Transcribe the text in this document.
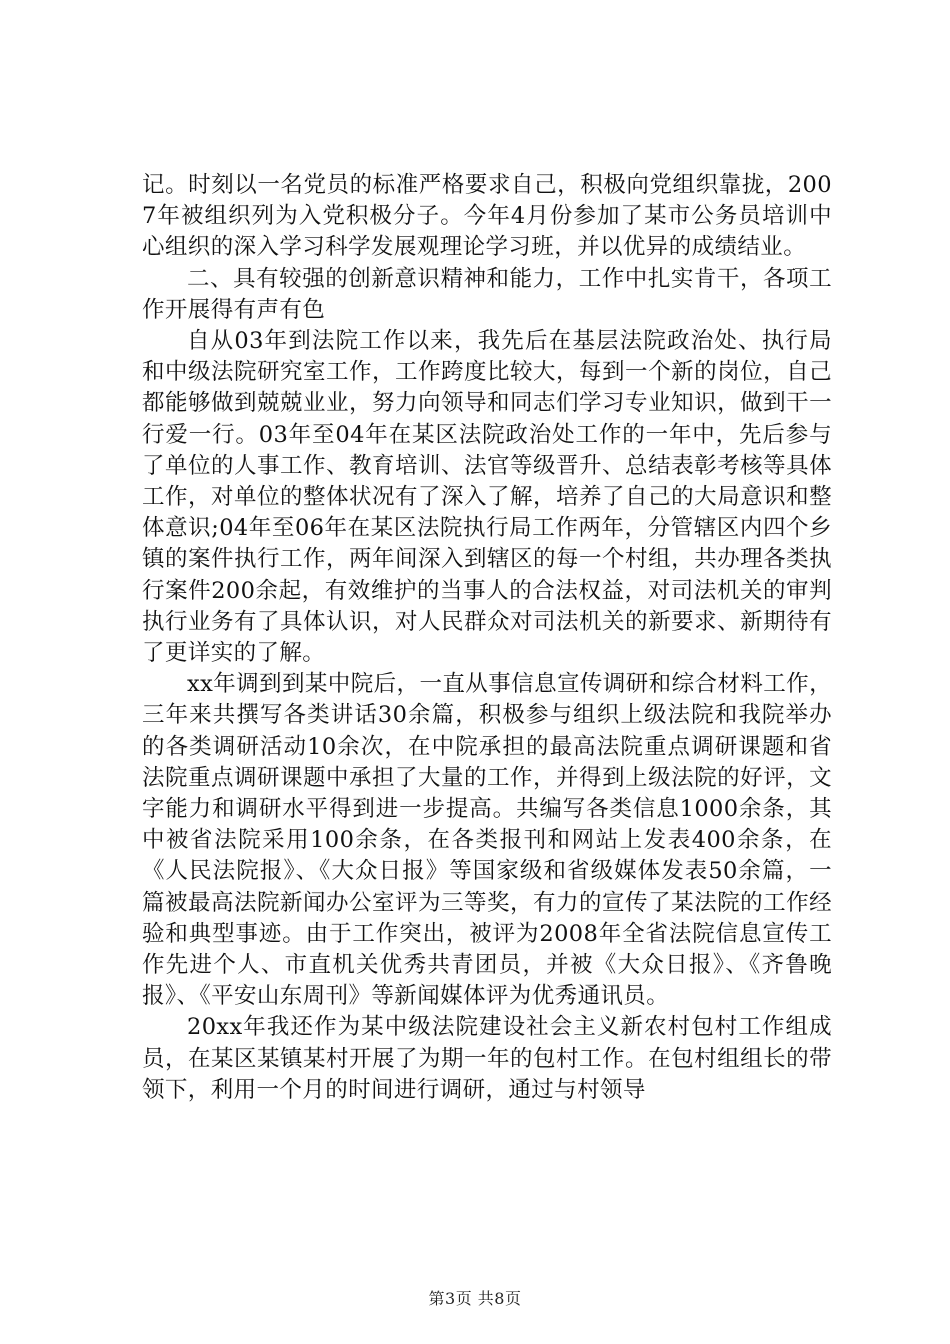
记。时刻以一名党员的标准严格要求自己，积极向党组织靠拢，2007年被组织列为入党积极分子。今年4月份参加了某市公务员培训中心组织的深入学习科学发展观理论学习班，并以优异的成绩结业。

二、具有较强的创新意识精神和能力，工作中扎实肯干，各项工作开展得有声有色

自从03年到法院工作以来，我先后在基层法院政治处、执行局和中级法院研究室工作，工作跨度比较大，每到一个新的岗位，自己都能够做到兢兢业业，努力向领导和同志们学习专业知识，做到干一行爱一行。03年至04年在某区法院政治处工作的一年中，先后参与了单位的人事工作、教育培训、法官等级晋升、总结表彰考核等具体工作，对单位的整体状况有了深入了解，培养了自己的大局意识和整体意识;04年至06年在某区法院执行局工作两年，分管辖区内四个乡镇的案件执行工作，两年间深入到辖区的每一个村组，共办理各类执行案件200余起，有效维护的当事人的合法权益，对司法机关的审判执行业务有了具体认识，对人民群众对司法机关的新要求、新期待有了更详实的了解。

xx年调到到某中院后，一直从事信息宣传调研和综合材料工作，三年来共撰写各类讲话30余篇，积极参与组织上级法院和我院举办的各类调研活动10余次，在中院承担的最高法院重点调研课题和省法院重点调研课题中承担了大量的工作，并得到上级法院的好评，文字能力和调研水平得到进一步提高。共编写各类信息1000余条，其中被省法院采用100余条，在各类报刊和网站上发表400余条，在《人民法院报》、《大众日报》等国家级和省级媒体发表50余篇，一篇被最高法院新闻办公室评为三等奖，有力的宣传了某法院的工作经验和典型事迹。由于工作突出，被评为2008年全省法院信息宣传工作先进个人、市直机关优秀共青团员，并被《大众日报》、《齐鲁晚报》、《平安山东周刊》等新闻媒体评为优秀通讯员。

20xx年我还作为某中级法院建设社会主义新农村包村工作组成员，在某区某镇某村开展了为期一年的包村工作。在包村组组长的带领下，利用一个月的时间进行调研，通过与村领导

第3页 共8页
